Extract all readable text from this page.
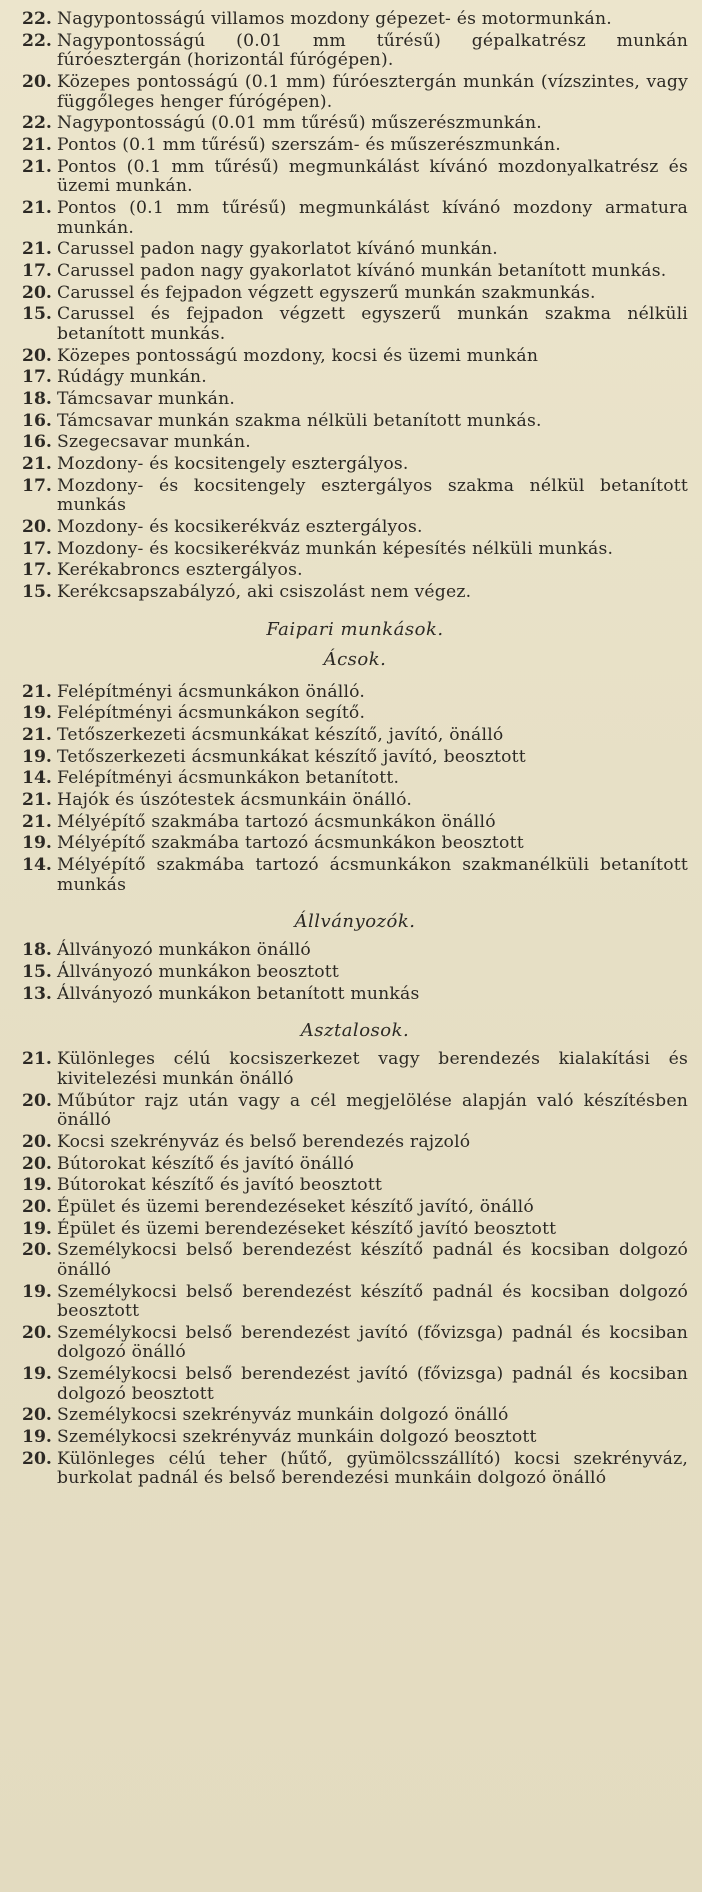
22. Nagypontosságú villamos mozdony gépezet- és motormunkán.
22. Nagypontosságú (0.01 mm tűrésű) gépalkatrész munkán fúróesztergán (horizontál fúrógépen).
20. Közepes pontosságú (0.1 mm) fúróesztergán munkán (vízszintes, vagy függőleges henger fúrógépen).
22. Nagypontosságú (0.01 mm tűrésű) műszerészmunkán.
21. Pontos (0.1 mm tűrésű) szerszám- és műszerészmunkán.
21. Pontos (0.1 mm tűrésű) megmunkálást kívánó mozdonyalkatrész és üzemi munkán.
21. Pontos (0.1 mm tűrésű) megmunkálást kívánó mozdony armatura munkán.
21. Carussel padon nagy gyakorlatot kívánó munkán.
17. Carussel padon nagy gyakorlatot kívánó munkán betanított munkás.
20. Carussel és fejpadon végzett egyszerű munkán szakmunkás.
15. Carussel és fejpadon végzett egyszerű munkán szakma nélküli betanított munkás.
20. Közepes pontosságú mozdony, kocsi és üzemi munkán
17. Rúdágy munkán.
18. Támcsavar munkán.
16. Támcsavar munkán szakma nélküli betanított munkás.
16. Szegecsavar munkán.
21. Mozdony- és kocsitengely esztergályos.
17. Mozdony- és kocsitengely esztergályos szakma nélkül betanított munkás
20. Mozdony- és kocsikerékváz esztergályos.
17. Mozdony- és kocsikerékváz munkán képesítés nélküli munkás.
17. Kerékabroncs esztergályos.
15. Kerékcsapszabályzó, aki csiszolást nem végez.
Faipari munkások.
Ácsok.
21. Felépítményi ácsmunkákon önálló.
19. Felépítményi ácsmunkákon segítő.
21. Tetőszerkezeti ácsmunkákat készítő, javító, önálló
19. Tetőszerkezeti ácsmunkákat készítő javító, beosztott
14. Felépítményi ácsmunkákon betanított.
21. Hajók és úszótestek ácsmunkáin önálló.
21. Mélyépítő szakmába tartozó ácsmunkákon önálló
19. Mélyépítő szakmába tartozó ácsmunkákon beosztott
14. Mélyépítő szakmába tartozó ácsmunkákon szakmanélküli betanított munkás
Állványozók.
18. Állványozó munkákon önálló
15. Állványozó munkákon beosztott
13. Állványozó munkákon betanított munkás
Asztalosok.
21. Különleges célú kocsiszerkezet vagy berendezés kialakítási és kivitelezési munkán önálló
20. Műbútor rajz után vagy a cél megjelölése alapján való készítésben önálló
20. Kocsi szekrényváz és belső berendezés rajzoló
20. Bútorokat készítő és javító önálló
19. Bútorokat készítő és javító beosztott
20. Épület és üzemi berendezéseket készítő javító, önálló
19. Épület és üzemi berendezéseket készítő javító beosztott
20. Személykocsi belső berendezést készítő padnál és kocsiban dolgozó önálló
19. Személykocsi belső berendezést készítő padnál és kocsiban dolgozó beosztott
20. Személykocsi belső berendezést javító (fővizsga) padnál és kocsiban dolgozó önálló
19. Személykocsi belső berendezést javító (fővizsga) padnál és kocsiban dolgozó beosztott
20. Személykocsi szekrényváz munkáin dolgozó önálló
19. Személykocsi szekrényváz munkáin dolgozó beosztott
20. Különleges célú teher (hűtő, gyümölcsszállító) kocsi szekrényváz, burkolat padnál és belső berendezési munkáin dolgozó önálló
